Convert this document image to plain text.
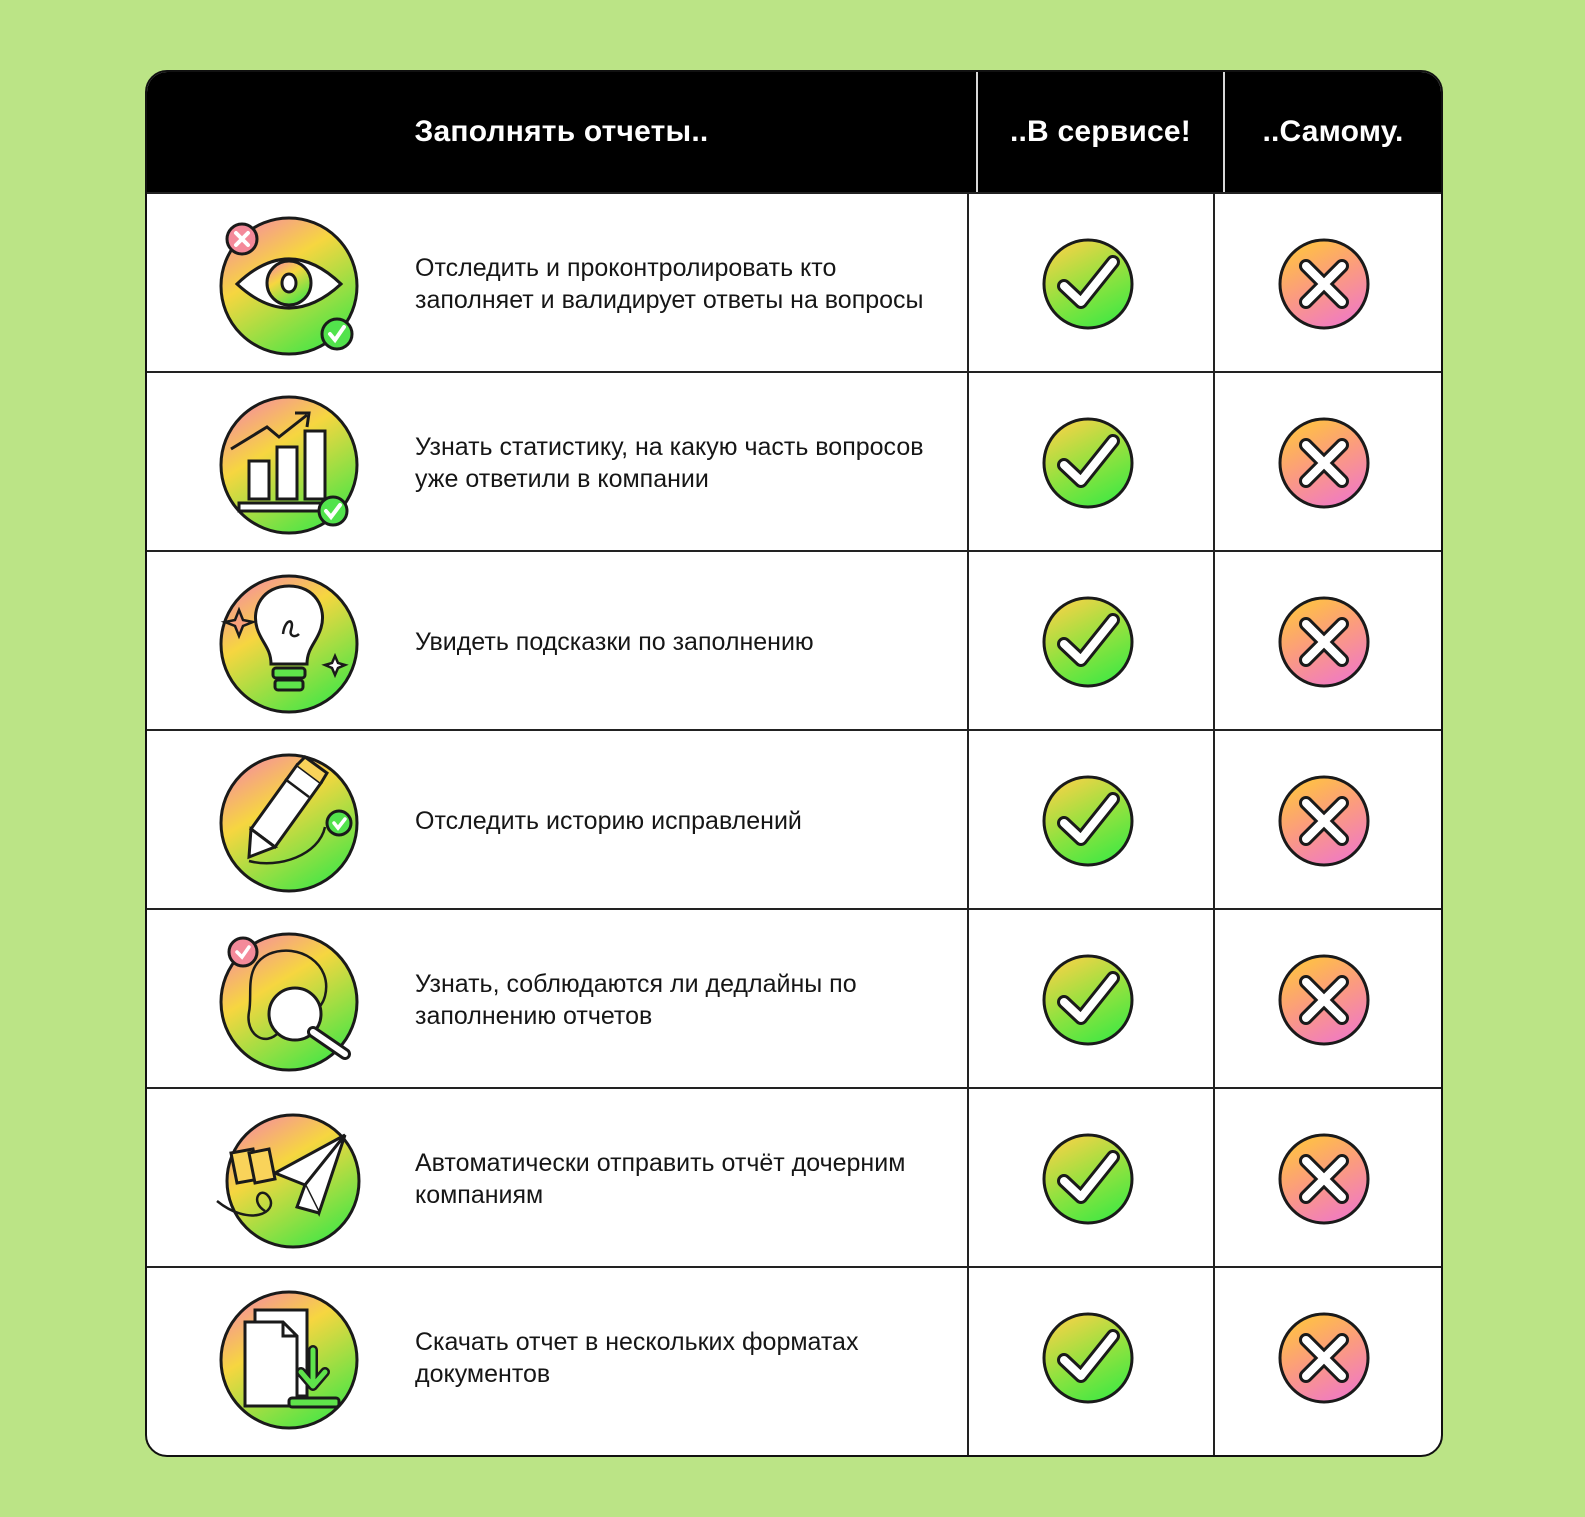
Заполнять отчеты..	..В сервисе!	..Самому.
Отследить и проконтролировать кто заполняет и валидирует ответы на вопросы
Узнать статистику, на какую часть вопросов уже ответили в компании
Увидеть подсказки по заполнению
Отследить историю исправлений
Узнать, соблюдаются ли дедлайны по заполнению отчетов
Автоматически отправить отчёт дочерним компаниям
Скачать отчет в нескольких форматах документов
